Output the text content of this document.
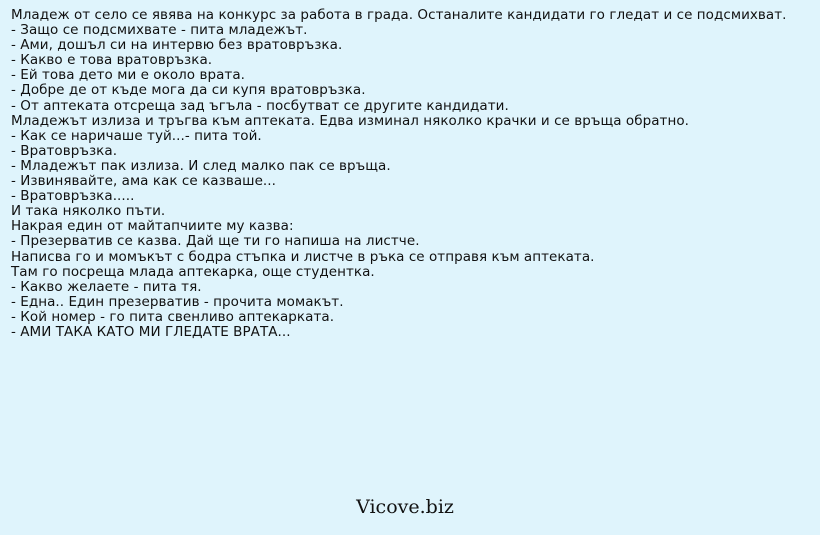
Младеж от село се явява на конкурс за работа в града. Останалите кандидати го гледат и се подсмихват.
- Защо се подсмихвате - пита младежът.
- Ами, дошъл си на интервю без вратовръзка.
- Какво е това вратовръзка.
- Ей това дето ми е около врата.
- Добре де от къде мога да си купя вратовръзка.
- От аптеката отсреща зад ъгъла - посбутват се другите кандидати.
Младежът излиза и тръгва към аптеката. Едва изминал няколко крачки и се връща обратно.
- Как се наричаше туй...- пита той.
- Вратовръзка.
- Младежът пак излиза. И след малко пак се връща.
- Извинявайте, ама как се казваше...
- Вратовръзка.....
И така няколко пъти.
Накрая един от майтапчиите му казва:
- Презерватив се казва. Дай ще ти го напиша на листче.
Написва го и момъкът с бодра стъпка и листче в ръка се отправя към аптеката.
Там го посреща млада аптекарка, още студентка.
- Какво желаете - пита тя.
- Една.. Един презерватив - прочита момакът.
- Кой номер - го пита свенливо аптекарката.
- АМИ ТАКА КАТО МИ ГЛЕДАТЕ ВРАТА...
Vicove.biz
